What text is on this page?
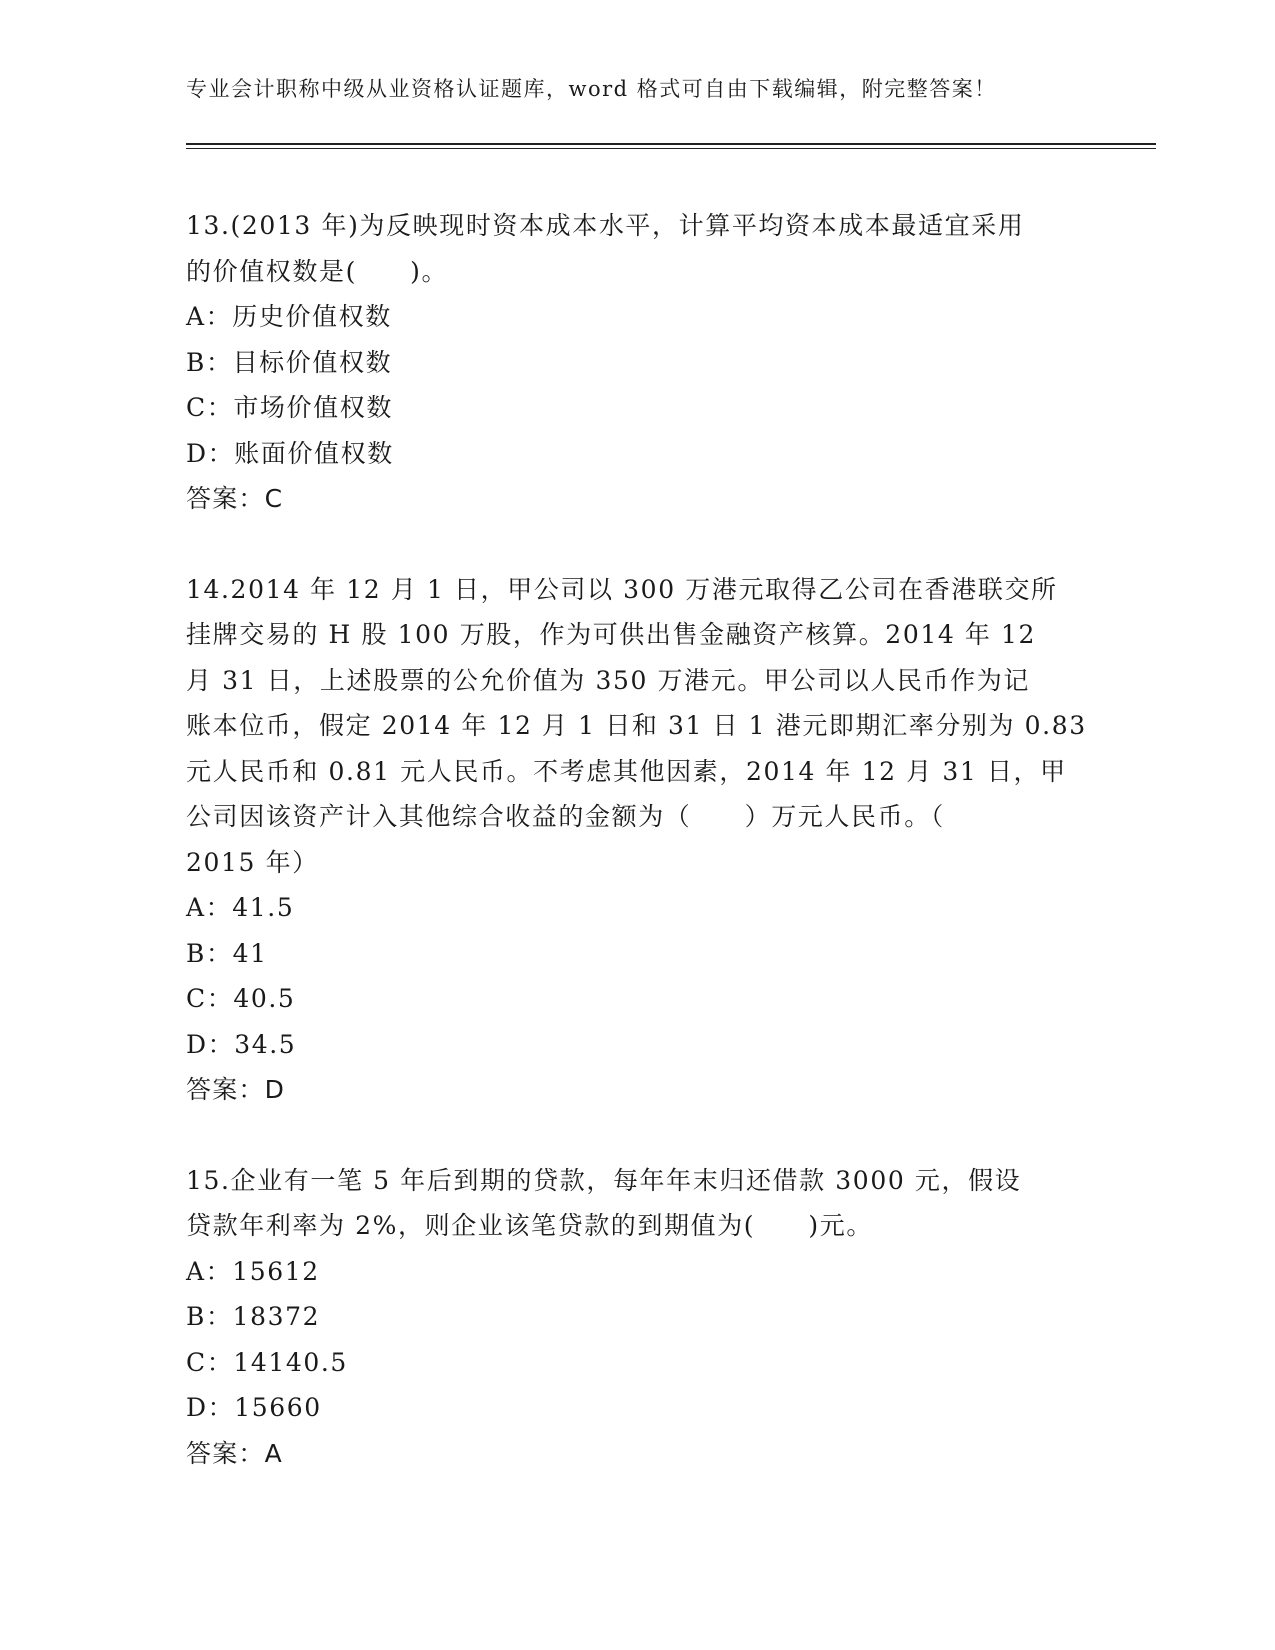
专业会计职称中级从业资格认证题库，word 格式可自由下载编辑，附完整答案！
13.(2013 年)为反映现时资本成本水平，计算平均资本成本最适宜采用
的价值权数是(　　)。
A：历史价值权数
B：目标价值权数
C：市场价值权数
D：账面价值权数
答案：C
14.2014 年 12 月 1 日，甲公司以 300 万港元取得乙公司在香港联交所
挂牌交易的 H 股 100 万股，作为可供出售金融资产核算。2014 年 12
月 31 日，上述股票的公允价值为 350 万港元。甲公司以人民币作为记
账本位币，假定 2014 年 12 月 1 日和 31 日 1 港元即期汇率分别为 0.83
元人民币和 0.81 元人民币。不考虑其他因素，2014 年 12 月 31 日，甲
公司因该资产计入其他综合收益的金额为（　　）万元人民币。（
2015 年）
A：41.5
B：41
C：40.5
D：34.5
答案：D
15.企业有一笔 5 年后到期的贷款，每年年末归还借款 3000 元，假设
贷款年利率为 2%，则企业该笔贷款的到期值为(　　)元。
A：15612
B：18372
C：14140.5
D：15660
答案：A
